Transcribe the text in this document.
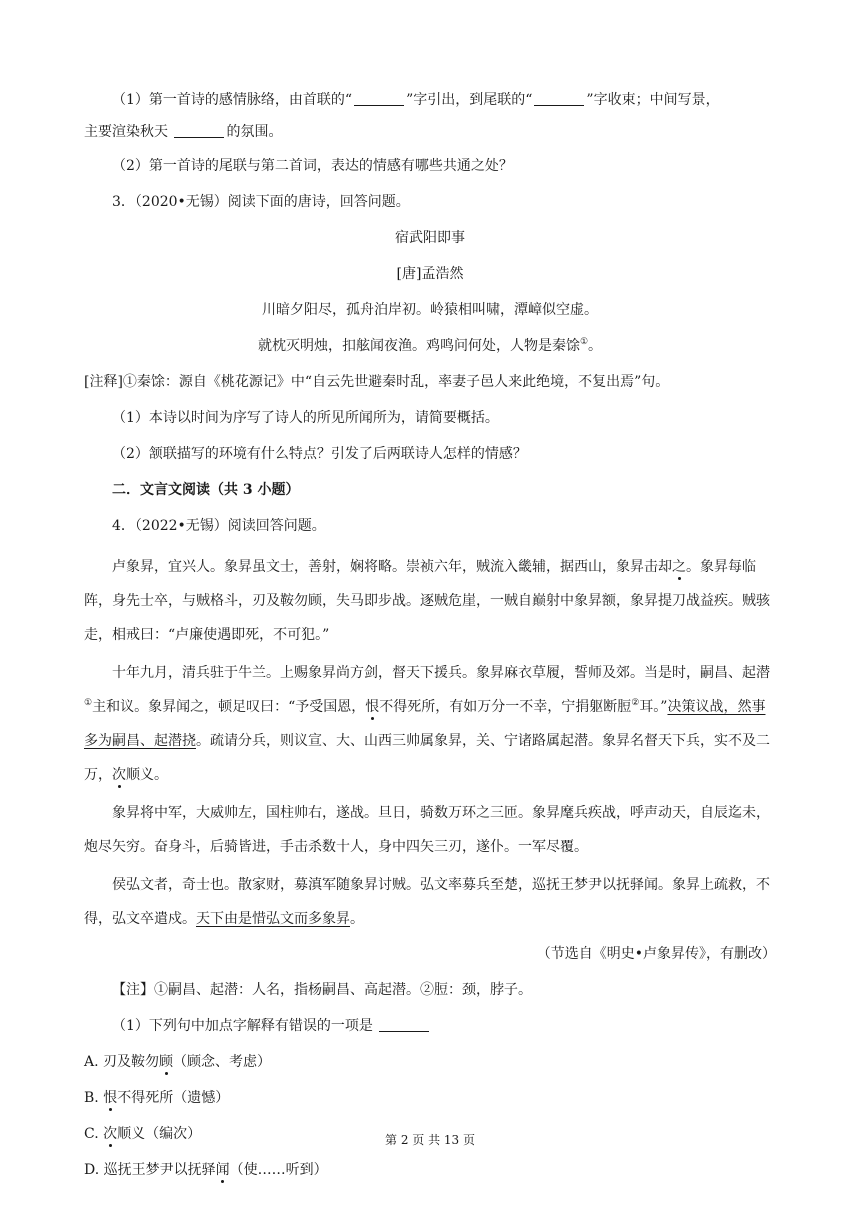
（1）第一首诗的感情脉络，由首联的“	”字引出，到尾联的“	”字收束；中间写景，
主要渲染秋天	的氛围。

（2）第一首诗的尾联与第二首词，表达的情感有哪些共通之处？

3．（2020•无锡）阅读下面的唐诗，回答问题。

宿武阳即事

[唐]孟浩然

川暗夕阳尽，孤舟泊岸初。岭猿相叫啸，潭嶂似空虚。

就枕灭明烛，扣舷闻夜渔。鸡鸣问何处，人物是秦馀①。

[注释]①秦馀：源自《桃花源记》中“自云先世避秦时乱，率妻子邑人来此绝境，不复出焉”句。

（1）本诗以时间为序写了诗人的所见所闻所为，请简要概括。

（2）颔联描写的环境有什么特点？引发了后两联诗人怎样的情感？

二．文言文阅读（共 3 小题）

4．（2022•无锡）阅读回答问题。

卢象昇，宜兴人。象昇虽文士，善射，娴将略。崇祯六年，贼流入畿辅，据西山，象昇击却之。象昇每临阵，身先士卒，与贼格斗，刃及鞍勿顾，失马即步战。逐贼危崖，一贼自巅射中象昇额，象昇提刀战益疾。贼骇走，相戒曰：“卢廉使遇即死，不可犯。”

十年九月，清兵驻于牛兰。上赐象昇尚方剑，督天下援兵。象昇麻衣草履，誓师及郊。当是时，嗣昌、起潜①主和议。象昇闻之，顿足叹曰：“予受国恩，恨不得死所，有如万分一不幸，宁捐躯断脰②耳。”决策议战，然事多为嗣昌、起潜挠。疏请分兵，则议宣、大、山西三帅属象昇，关、宁诸路属起潜。象昇名督天下兵，实不及二万，次顺义。

象昇将中军，大威帅左，国柱帅右，遂战。旦日，骑数万环之三匝。象昇麾兵疾战，呼声动天，自辰迄未，炮尽矢穷。奋身斗，后骑皆进，手击杀数十人，身中四矢三刃，遂仆。一军尽覆。

侯弘文者，奇士也。散家财，募滇军随象昇讨贼。弘文率募兵至楚，巡抚王梦尹以抚驿闻。象昇上疏救，不得，弘文卒遣戍。天下由是惜弘文而多象昇。

（节选自《明史•卢象昇传》，有删改）

【注】①嗣昌、起潜：人名，指杨嗣昌、高起潜。②脰：颈，脖子。

（1）下列句中加点字解释有错误的一项是

A. 刃及鞍勿顾（顾念、考虑）

B. 恨不得死所（遗憾）

C. 次顺义（编次）

D. 巡抚王梦尹以抚驿闻（使……听到）

第 2 页 共 13 页
